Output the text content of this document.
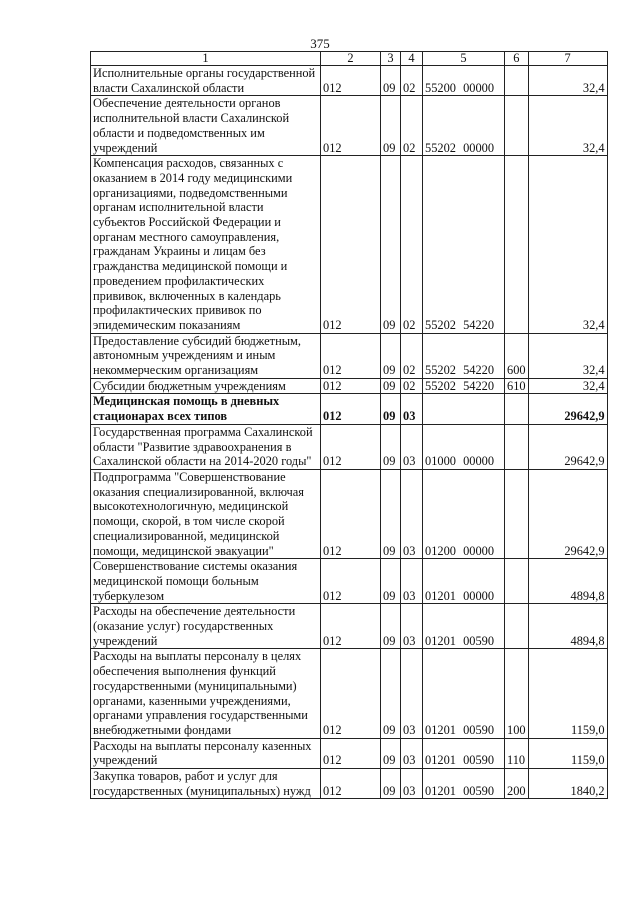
375
1	2	3	4	5	6	7
Исполнительные органы государственной власти Сахалинской области	012	09	02	55200 00000		32,4
Обеспечение деятельности органов исполнительной власти Сахалинской области и подведомственных им учреждений	012	09	02	55202 00000		32,4
Компенсация расходов, связанных с оказанием в 2014 году медицинскими организациями, подведомственными органам исполнительной власти субъектов Российской Федерации и органам местного самоуправления, гражданам Украины и лицам без гражданства медицинской помощи и проведением профилактических прививок, включенных в календарь профилактических прививок по эпидемическим показаниям	012	09	02	55202 54220		32,4
Предоставление субсидий бюджетным, автономным учреждениям и иным некоммерческим организациям	012	09	02	55202 54220	600	32,4
Субсидии бюджетным учреждениям	012	09	02	55202 54220	610	32,4
Медицинская помощь в дневных стационарах всех типов	012	09	03			29642,9
Государственная программа Сахалинской области "Развитие здравоохранения в Сахалинской области на 2014-2020 годы"	012	09	03	01000 00000		29642,9
Подпрограмма "Совершенствование оказания специализированной, включая высокотехнологичную, медицинской помощи, скорой, в том числе скорой специализированной, медицинской помощи, медицинской эвакуации"	012	09	03	01200 00000		29642,9
Совершенствование системы оказания медицинской помощи больным туберкулезом	012	09	03	01201 00000		4894,8
Расходы на обеспечение деятельности (оказание услуг) государственных учреждений	012	09	03	01201 00590		4894,8
Расходы на выплаты персоналу в целях обеспечения выполнения функций государственными (муниципальными) органами, казенными учреждениями, органами управления государственными внебюджетными фондами	012	09	03	01201 00590	100	1159,0
Расходы на выплаты персоналу казенных учреждений	012	09	03	01201 00590	110	1159,0
Закупка товаров, работ и услуг для государственных (муниципальных) нужд	012	09	03	01201 00590	200	1840,2
